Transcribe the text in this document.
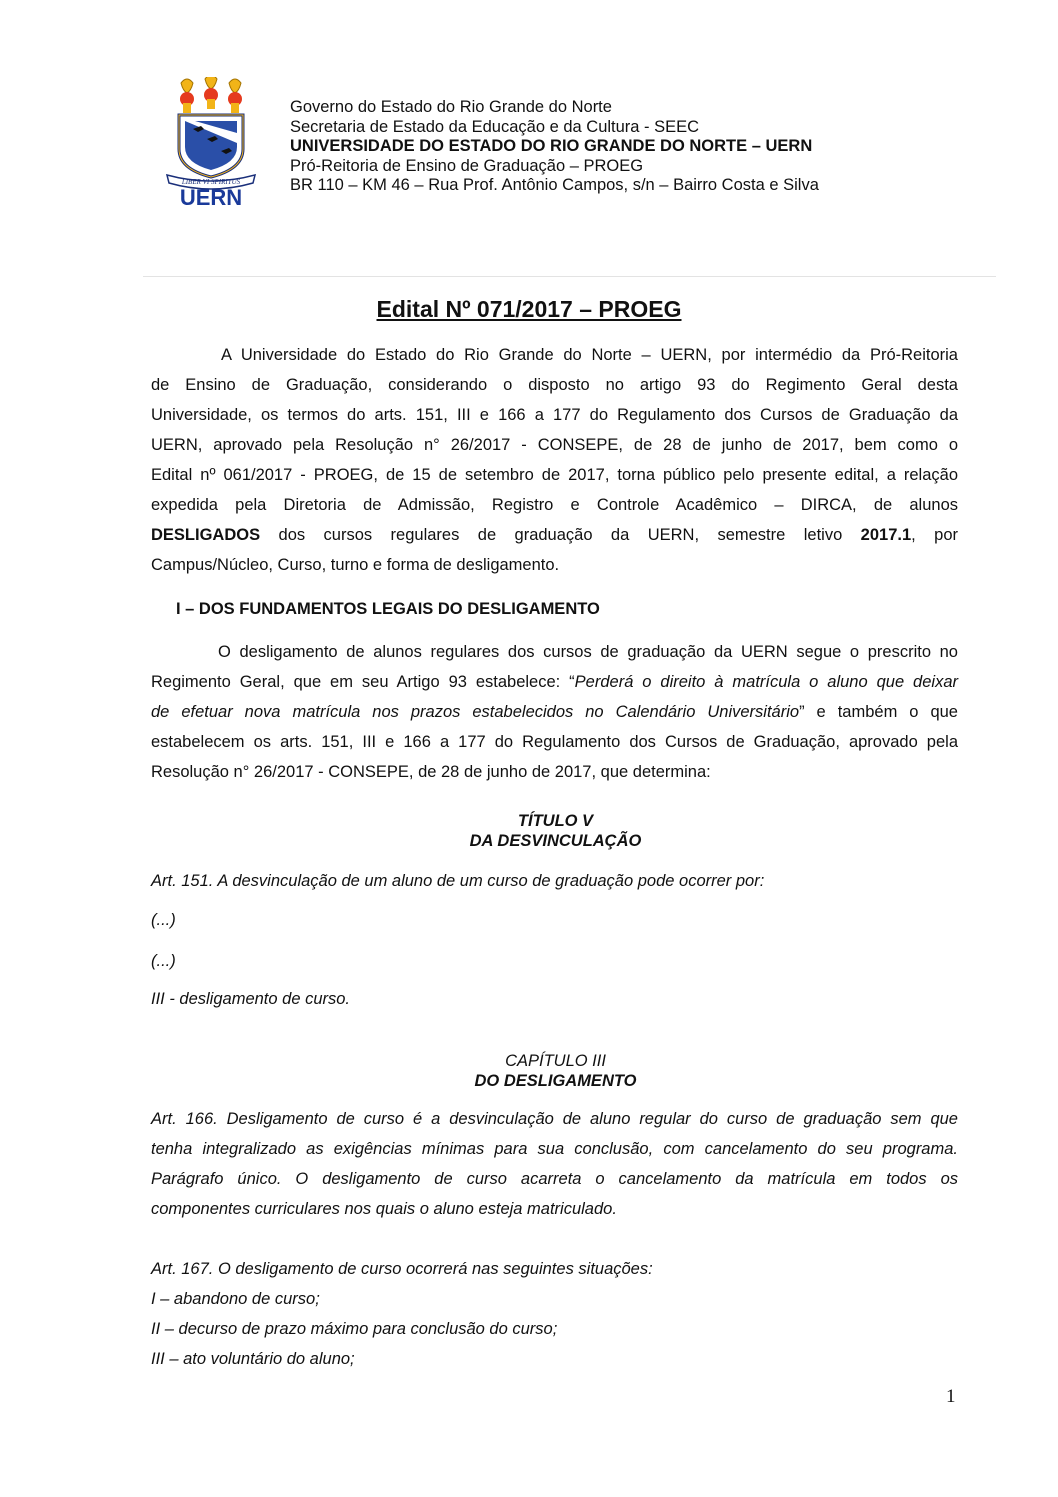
LIBER VI SPIRITUS
UERN
Governo do Estado do Rio Grande do Norte
Secretaria de Estado da Educação e da Cultura - SEEC
UNIVERSIDADE DO ESTADO DO RIO GRANDE DO NORTE – UERN
Pró-Reitoria de Ensino de Graduação – PROEG
BR 110 – KM 46 – Rua Prof. Antônio Campos, s/n – Bairro Costa e Silva
Edital Nº 071/2017 – PROEG
A Universidade do Estado do Rio Grande do Norte – UERN, por intermédio da Pró-Reitoria
de Ensino de Graduação, considerando o disposto no artigo 93 do Regimento Geral desta
Universidade, os termos do arts. 151, III e 166 a 177 do Regulamento dos Cursos de Graduação da
UERN, aprovado pela Resolução n° 26/2017 - CONSEPE, de 28 de junho de 2017, bem como o
Edital nº 061/2017 - PROEG, de 15 de setembro de 2017, torna público pelo presente edital, a relação
expedida pela Diretoria de Admissão, Registro e Controle Acadêmico – DIRCA, de alunos
DESLIGADOS dos cursos regulares de graduação da UERN, semestre letivo 2017.1, por
Campus/Núcleo, Curso, turno e forma de desligamento.
I – DOS FUNDAMENTOS LEGAIS DO DESLIGAMENTO
O desligamento de alunos regulares dos cursos de graduação da UERN segue o prescrito no
Regimento Geral, que em seu Artigo 93 estabelece: “Perderá o direito à matrícula o aluno que deixar
de efetuar nova matrícula nos prazos estabelecidos no Calendário Universitário” e também o que
estabelecem os arts. 151, III e 166 a 177 do Regulamento dos Cursos de Graduação, aprovado pela
Resolução n° 26/2017 - CONSEPE, de 28 de junho de 2017, que determina:
TÍTULO V
DA DESVINCULAÇÃO
Art. 151. A desvinculação de um aluno de um curso de graduação pode ocorrer por:
(...)
(...)
III - desligamento de curso.
CAPÍTULO III
DO DESLIGAMENTO
Art. 166. Desligamento de curso é a desvinculação de aluno regular do curso de graduação sem que
tenha integralizado as exigências mínimas para sua conclusão, com cancelamento do seu programa.
Parágrafo único. O desligamento de curso acarreta o cancelamento da matrícula em todos os
componentes curriculares nos quais o aluno esteja matriculado.
Art. 167. O desligamento de curso ocorrerá nas seguintes situações:
I – abandono de curso;
II – decurso de prazo máximo para conclusão do curso;
III – ato voluntário do aluno;
1
